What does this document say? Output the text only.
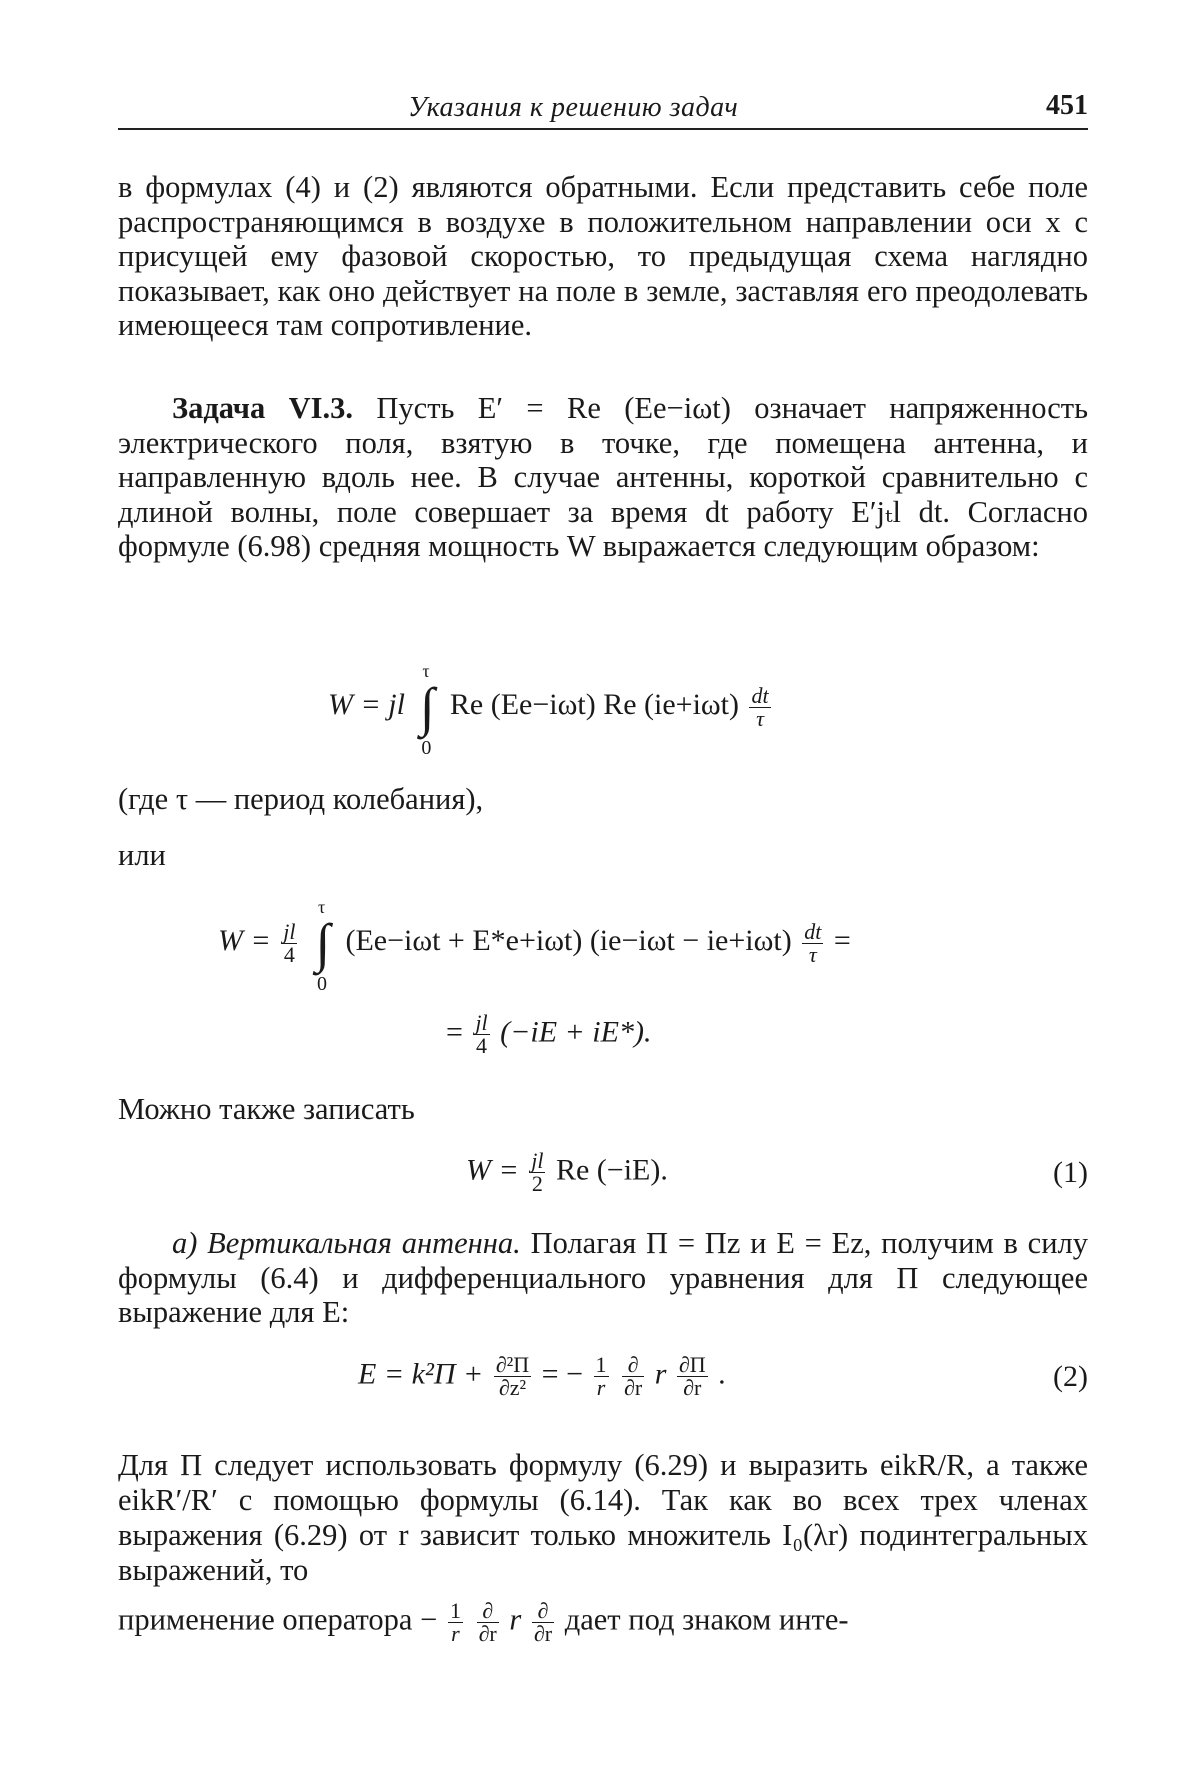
Указания к решению задач	451
в формулах (4) и (2) являются обратными. Если представить себе поле распространяющимся в воздухе в положительном направлении оси x с присущей ему фазовой скоростью, то предыдущая схема наглядно показывает, как оно действует на поле в земле, заставляя его преодолевать имеющееся там сопротивление.
Задача VI.3. Пусть E′ = Re (Ee−iωt) означает напряженность электрического поля, взятую в точке, где помещена антенна, и направленную вдоль нее. В случае антенны, короткой сравнительно с длиной волны, поле совершает за время dt работу E′jₜl dt. Согласно формуле (6.98) средняя мощность W выражается следующим образом:
W = jl ∫
τ
0
Re (Ee−iωt) Re (ie+iωt) dt
τ
(где τ — период колебания),
или
W = jl
4 ∫
τ
0
(Ee−iωt + E*e+iωt) (ie−iωt − ie+iωt) dt
τ =
= jl
4 (−iE + iE*).
Можно также записать
W = jl
2 Re (−iE).	(1)
а) Вертикальная антенна. Полагая Π = Πz и E = Ez, получим в силу формулы (6.4) и дифференциального уравнения для Π следующее выражение для E:
E = k²Π + ∂²Π
∂z² = − 1
r

∂
∂r r ∂Π
∂r .	(2)
Для Π следует использовать формулу (6.29) и выразить eikR/R, а также eikR′/R′ с помощью формулы (6.14). Так как во всех трех членах выражения (6.29) от r зависит только множитель I₀(λr) подинтегральных выражений, то
применение оператора − 1
r

∂
∂r r ∂
∂r дает под знаком инте-
